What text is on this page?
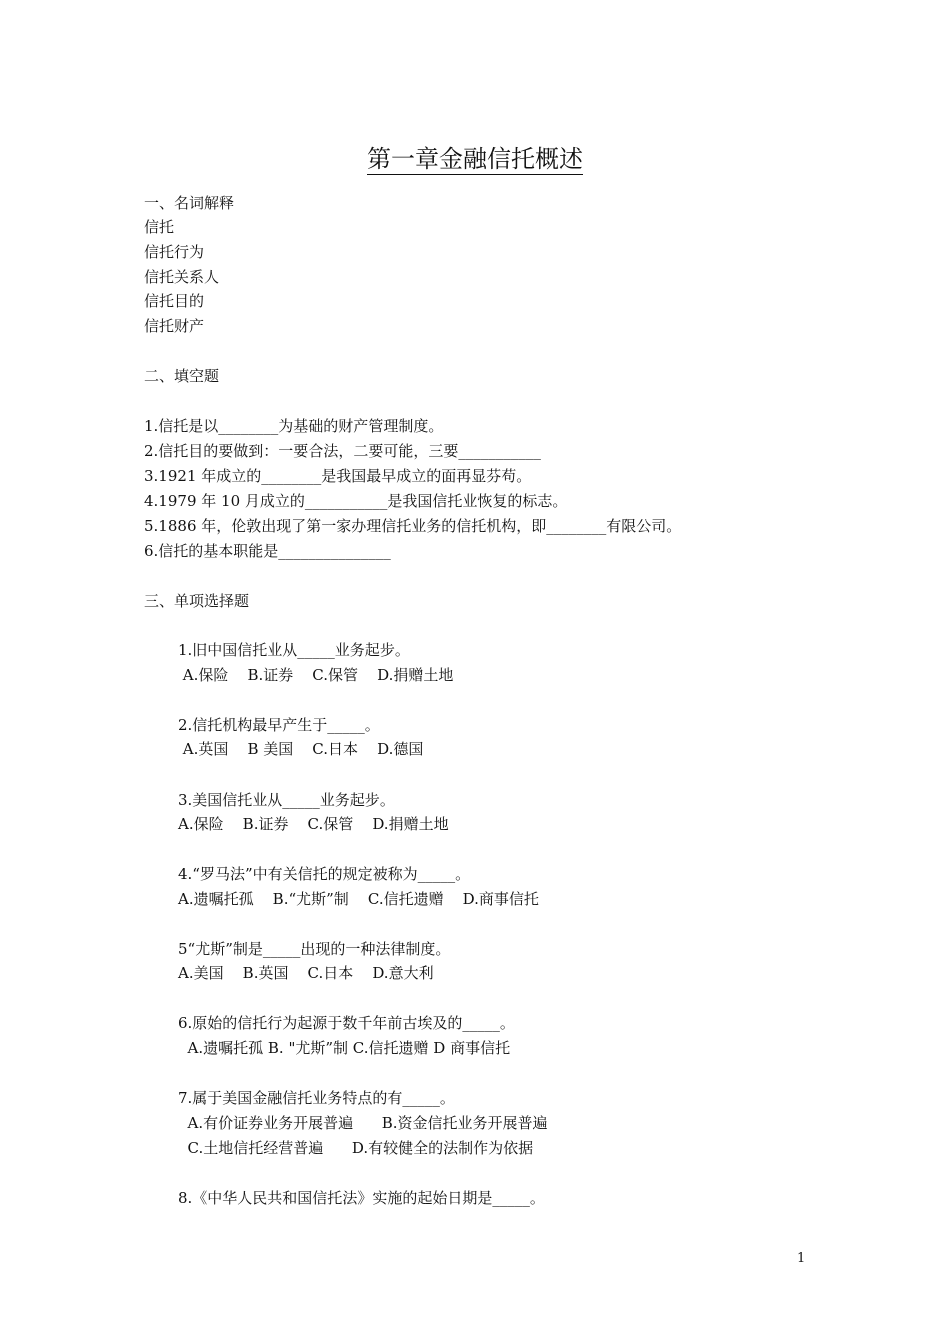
第一章金融信托概述
一、名词解释
信托
信托行为
信托关系人
信托目的
信托财产
二、填空题
1.信托是以________为基础的财产管理制度。
2.信托目的要做到：一要合法，二要可能，三要___________
3.1921 年成立的________是我国最早成立的面再显芬苟。
4.1979 年 10 月成立的___________是我国信托业恢复的标志。
5.1886 年，伦敦出现了第一家办理信托业务的信托机构，即________有限公司。
6.信托的基本职能是_______________
三、单项选择题
1.旧中国信托业从_____业务起步。
A.保险    B.证券    C.保管    D.捐赠土地
2.信托机构最早产生于_____。
A.英国    B 美国    C.日本    D.德国
3.美国信托业从_____业务起步。
A.保险    B.证券    C.保管    D.捐赠土地
4.“罗马法”中有关信托的规定被称为_____。
A.遗嘱托孤    B.“尤斯”制    C.信托遗赠    D.商事信托
5“尤斯”制是_____出现的一种法律制度。
A.美国    B.英国    C.日本    D.意大利
6.原始的信托行为起源于数千年前古埃及的_____。
A.遗嘱托孤 B. "尤斯”制 C.信托遗赠 D 商事信托
7.属于美国金融信托业务特点的有_____。
A.有价证券业务开展普遍      B.资金信托业务开展普遍
C.土地信托经营普遍      D.有较健全的法制作为依据
8.《中华人民共和国信托法》实施的起始日期是_____。
1
